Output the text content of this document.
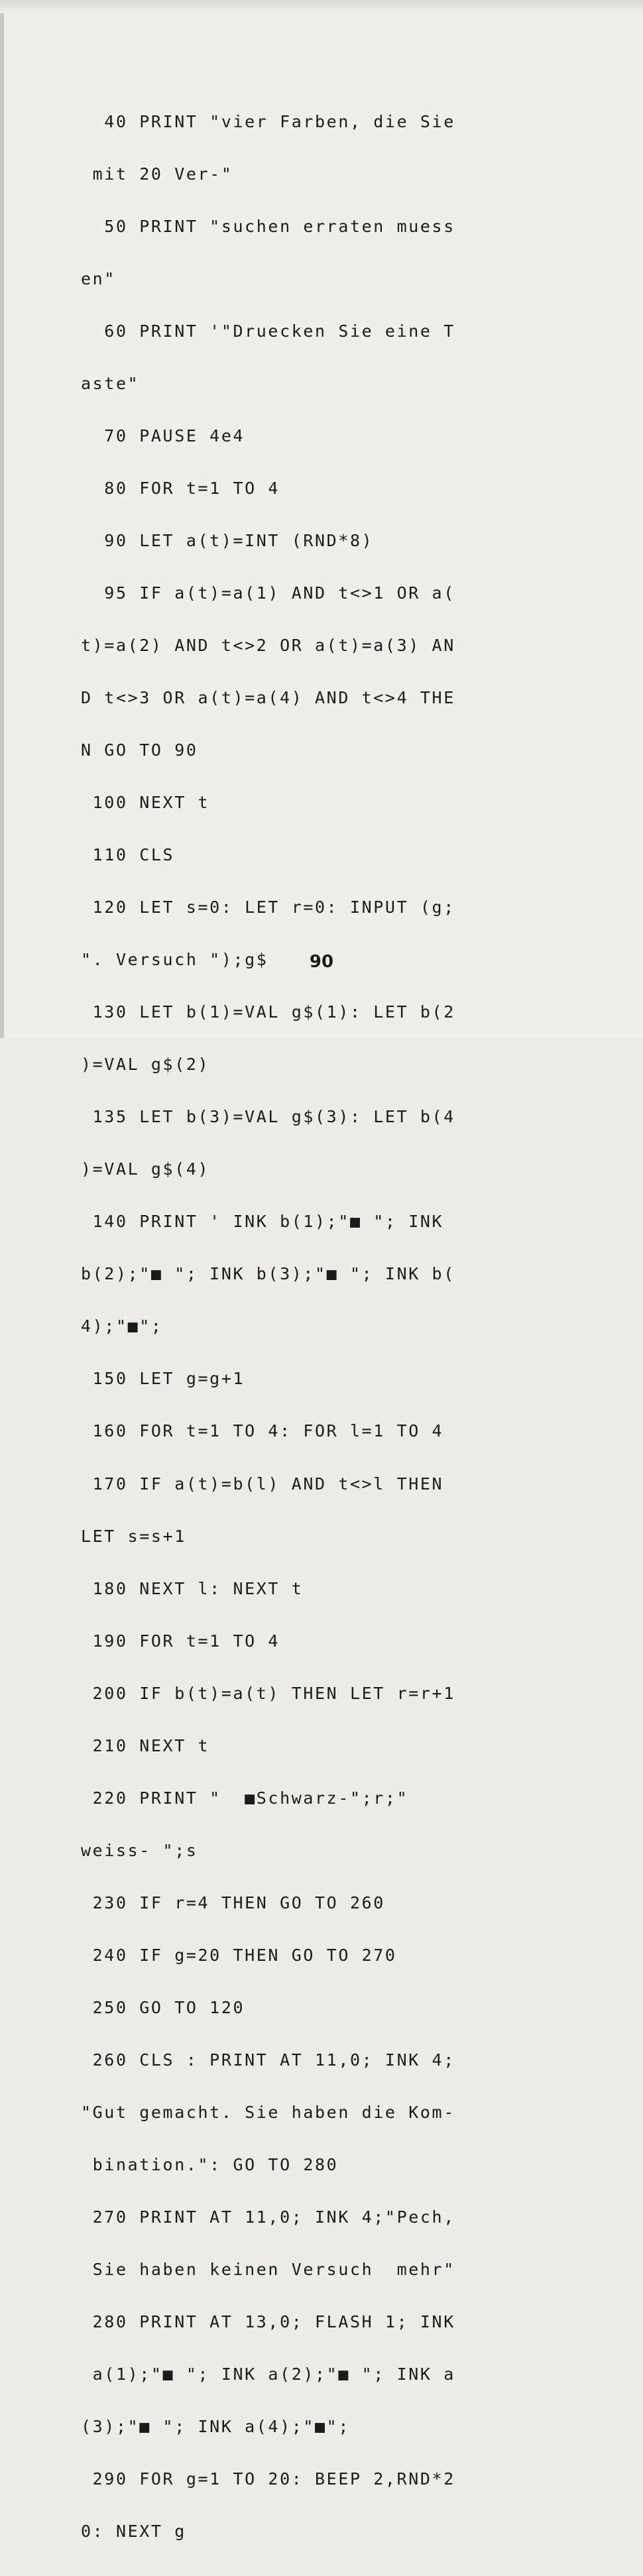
40 PRINT "vier Farben, die Sie

mit 20 Ver-"

50 PRINT "suchen erraten muess

en"

60 PRINT '"Druecken Sie eine T

aste"

70 PAUSE 4e4

80 FOR t=1 TO 4

90 LET a(t)=INT (RND*8)

95 IF a(t)=a(1) AND t<>1 OR a(

t)=a(2) AND t<>2 OR a(t)=a(3) AN

D t<>3 OR a(t)=a(4) AND t<>4 THE

N GO TO 90

100 NEXT t

110 CLS

120 LET s=0: LET r=0: INPUT (g;

". Versuch ");g$

130 LET b(1)=VAL g$(1): LET b(2

)=VAL g$(2)

135 LET b(3)=VAL g$(3): LET b(4

)=VAL g$(4)

140 PRINT ' INK b(1);"■ "; INK

b(2);"■ "; INK b(3);"■ "; INK b(

4);"■";

150 LET g=g+1

160 FOR t=1 TO 4: FOR l=1 TO 4

170 IF a(t)=b(l) AND t<>l THEN

LET s=s+1

180 NEXT l: NEXT t

190 FOR t=1 TO 4

200 IF b(t)=a(t) THEN LET r=r+1

210 NEXT t

220 PRINT "  ■Schwarz-";r;"

weiss- ";s

230 IF r=4 THEN GO TO 260

240 IF g=20 THEN GO TO 270

250 GO TO 120

260 CLS : PRINT AT 11,0; INK 4;

"Gut gemacht. Sie haben die Kom-

bination.": GO TO 280

270 PRINT AT 11,0; INK 4;"Pech,

Sie haben keinen Versuch  mehr"

280 PRINT AT 13,0; FLASH 1; INK

a(1);"■ "; INK a(2);"■ "; INK a

(3);"■ "; INK a(4);"■";

290 FOR g=1 TO 20: BEEP 2,RND*2

0: NEXT g

90
